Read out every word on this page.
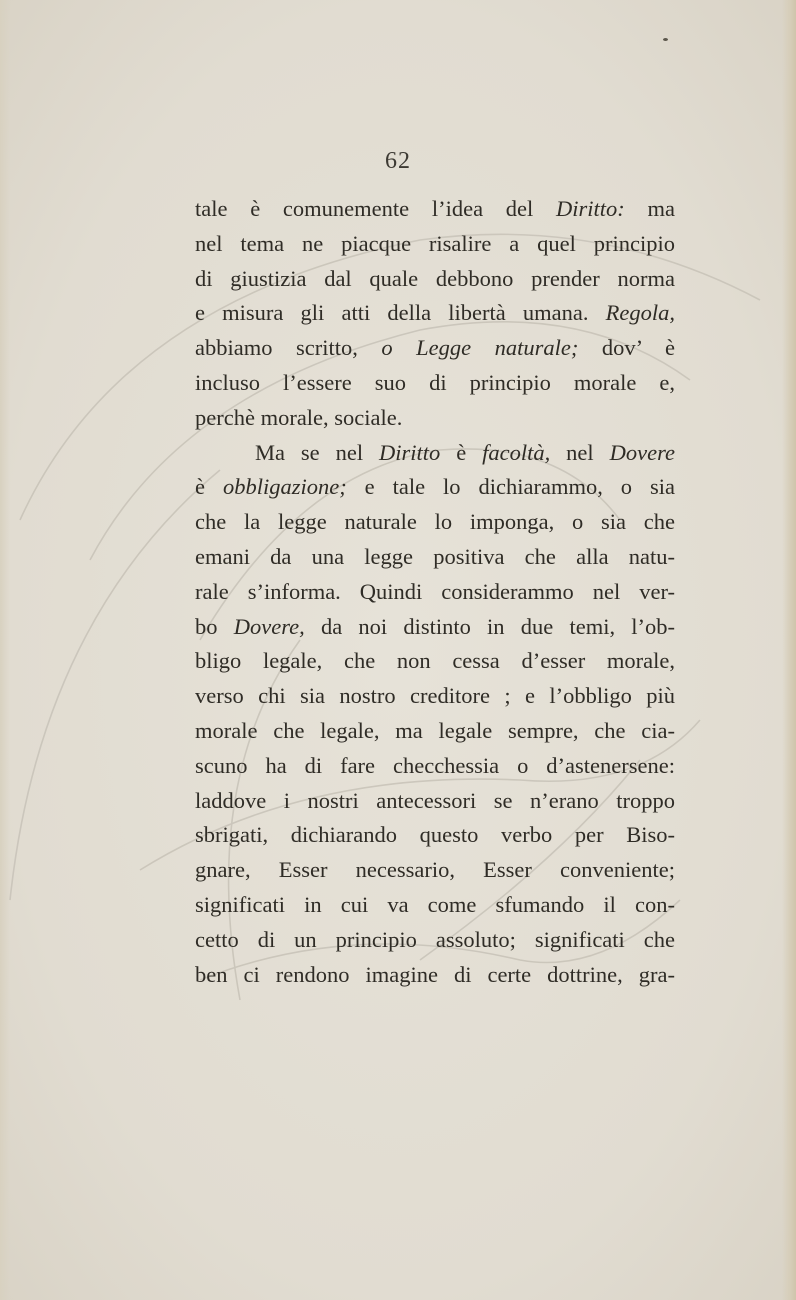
62
tale è comunemente l’idea del Diritto: ma
nel tema ne piacque risalire a quel principio
di giustizia dal quale debbono prender norma
e misura gli atti della libertà umana. Regola,
abbiamo scritto, o Legge naturale; dov’ è
incluso l’essere suo di principio morale e,
perchè morale, sociale.
Ma se nel Diritto è facoltà, nel Dovere
è obbligazione; e tale lo dichiarammo, o sia
che la legge naturale lo imponga, o sia che
emani da una legge positiva che alla natu-
rale s’informa. Quindi considerammo nel ver-
bo Dovere, da noi distinto in due temi, l’ob-
bligo legale, che non cessa d’esser morale,
verso chi sia nostro creditore ; e l’obbligo più
morale che legale, ma legale sempre, che cia-
scuno ha di fare checchessia o d’astenersene:
laddove i nostri antecessori se n’erano troppo
sbrigati, dichiarando questo verbo per Biso-
gnare, Esser necessario, Esser conveniente;
significati in cui va come sfumando il con-
cetto di un principio assoluto; significati che
ben ci rendono imagine di certe dottrine, gra-
